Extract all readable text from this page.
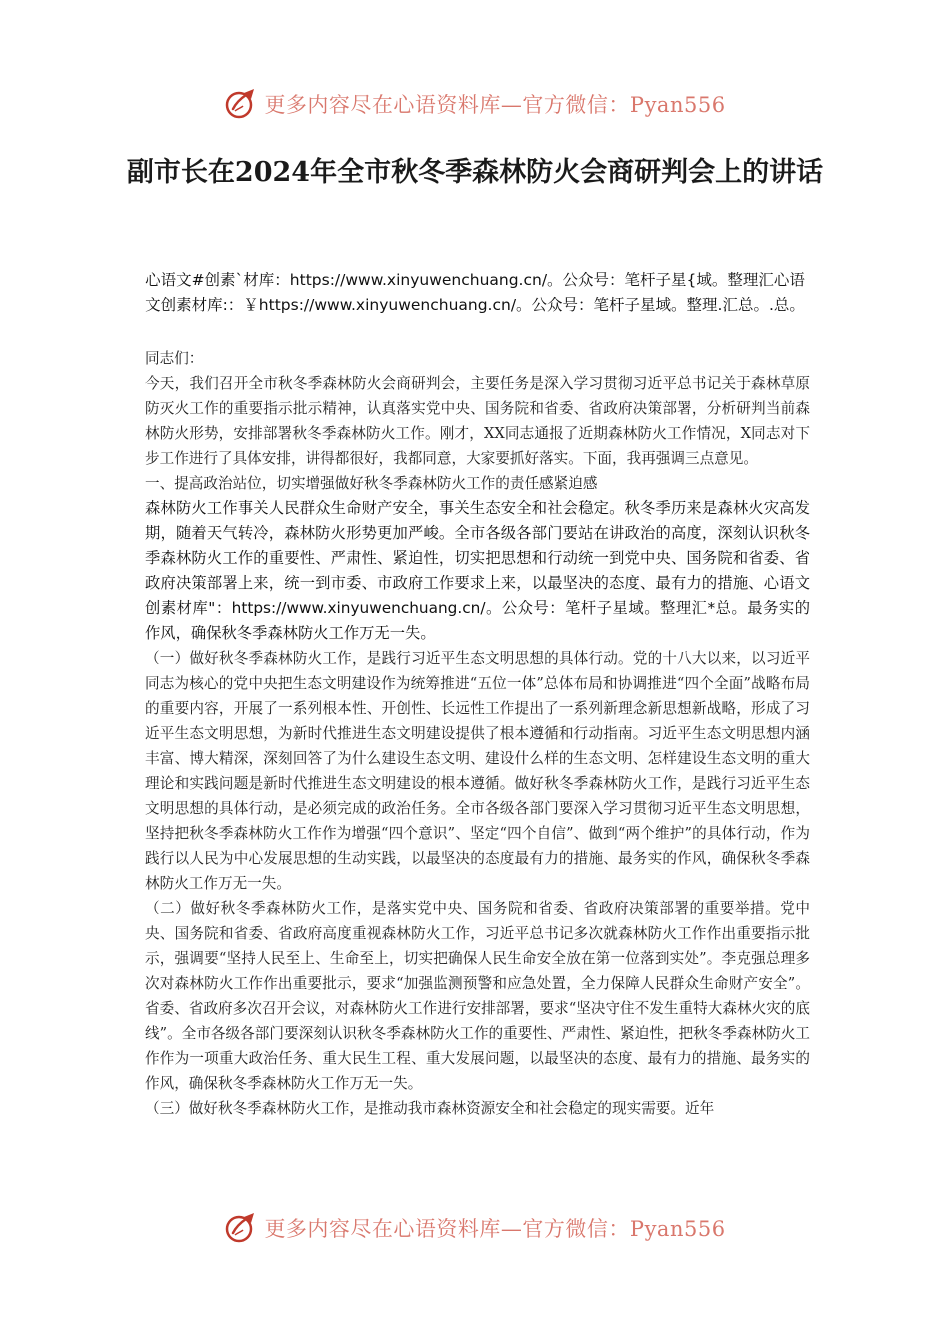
更多内容尽在心语资料库—官方微信：Pyan556
副市长在2024年全市秋冬季森林防火会商研判会上的讲话

心语文#创素`材库：https://www.xinyuwenchuang.cn/。公众号：笔杆子星{域。整理汇心语文创素材库:：￥https://www.xinyuwenchuang.cn/。公众号：笔杆子星域。整理.汇总。.总。

同志们：

今天，我们召开全市秋冬季森林防火会商研判会，主要任务是深入学习贯彻习近平总书记关于森林草原防灭火工作的重要指示批示精神，认真落实党中央、国务院和省委、省政府决策部署，分析研判当前森林防火形势，安排部署秋冬季森林防火工作。刚才，XX同志通报了近期森林防火工作情况，X同志对下步工作进行了具体安排，讲得都很好，我都同意，大家要抓好落实。下面，我再强调三点意见。

一、提高政治站位，切实增强做好秋冬季森林防火工作的责任感紧迫感

森林防火工作事关人民群众生命财产安全，事关生态安全和社会稳定。秋冬季历来是森林火灾高发期，随着天气转冷，森林防火形势更加严峻。全市各级各部门要站在讲政治的高度，深刻认识秋冬季森林防火工作的重要性、严肃性、紧迫性，切实把思想和行动统一到党中央、国务院和省委、省政府决策部署上来，统一到市委、市政府工作要求上来，以最坚决的态度、最有力的措施、心语文创素材库"：https://www.xinyuwenchuang.cn/。公众号：笔杆子星域。整理汇*总。最务实的作风，确保秋冬季森林防火工作万无一失。

（一）做好秋冬季森林防火工作，是践行习近平生态文明思想的具体行动。党的十八大以来，以习近平同志为核心的党中央把生态文明建设作为统筹推进“五位一体”总体布局和协调推进“四个全面”战略布局的重要内容，开展了一系列根本性、开创性、长远性工作提出了一系列新理念新思想新战略，形成了习近平生态文明思想，为新时代推进生态文明建设提供了根本遵循和行动指南。习近平生态文明思想内涵丰富、博大精深，深刻回答了为什么建设生态文明、建设什么样的生态文明、怎样建设生态文明的重大理论和实践问题是新时代推进生态文明建设的根本遵循。做好秋冬季森林防火工作，是践行习近平生态文明思想的具体行动，是必须完成的政治任务。全市各级各部门要深入学习贯彻习近平生态文明思想，坚持把秋冬季森林防火工作作为增强“四个意识”、坚定“四个自信”、做到“两个维护”的具体行动，作为践行以人民为中心发展思想的生动实践，以最坚决的态度最有力的措施、最务实的作风，确保秋冬季森林防火工作万无一失。

（二）做好秋冬季森林防火工作，是落实党中央、国务院和省委、省政府决策部署的重要举措。党中央、国务院和省委、省政府高度重视森林防火工作，习近平总书记多次就森林防火工作作出重要指示批示，强调要“坚持人民至上、生命至上，切实把确保人民生命安全放在第一位落到实处”。李克强总理多次对森林防火工作作出重要批示，要求“加强监测预警和应急处置，全力保障人民群众生命财产安全”。省委、省政府多次召开会议，对森林防火工作进行安排部署，要求“坚决守住不发生重特大森林火灾的底线”。全市各级各部门要深刻认识秋冬季森林防火工作的重要性、严肃性、紧迫性，把秋冬季森林防火工作作为一项重大政治任务、重大民生工程、重大发展问题，以最坚决的态度、最有力的措施、最务实的作风，确保秋冬季森林防火工作万无一失。

（三）做好秋冬季森林防火工作，是推动我市森林资源安全和社会稳定的现实需要。近年

更多内容尽在心语资料库—官方微信：Pyan556
